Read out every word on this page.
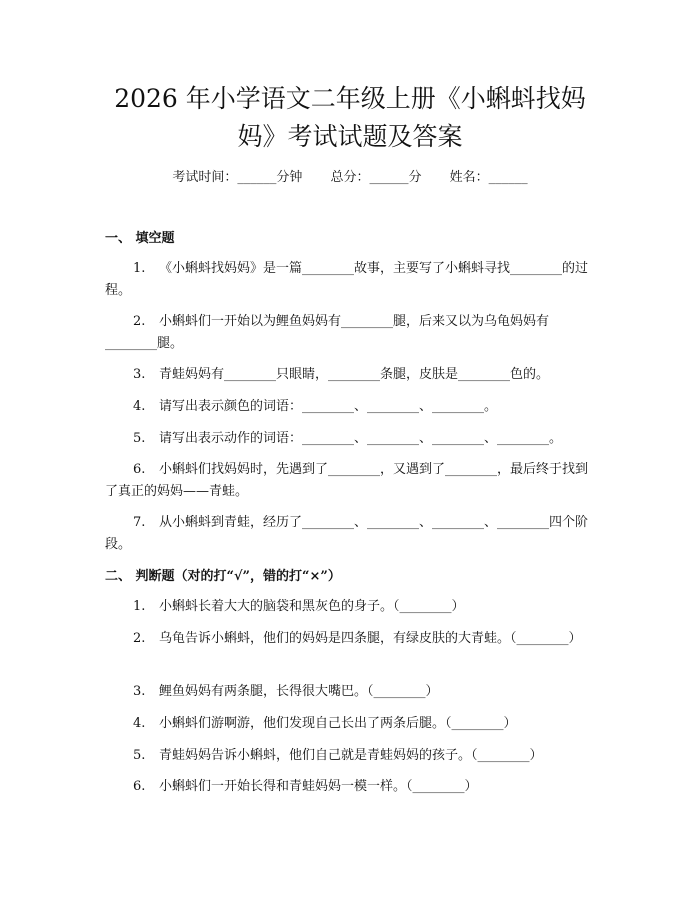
2026 年小学语文二年级上册《小蝌蚪找妈
妈》考试试题及答案
考试时间：______分钟 总分：______分 姓名：______
一、 填空题
1. 《小蝌蚪找妈妈》是一篇________故事，主要写了小蝌蚪寻找________的过程。
2. 小蝌蚪们一开始以为鲤鱼妈妈有________腿，后来又以为乌龟妈妈有________腿。
3. 青蛙妈妈有________只眼睛，________条腿，皮肤是________色的。
4. 请写出表示颜色的词语：________、________、________。
5. 请写出表示动作的词语：________、________、________、________。
6. 小蝌蚪们找妈妈时，先遇到了________，又遇到了________，最后终于找到了真正的妈妈——青蛙。
7. 从小蝌蚪到青蛙，经历了________、________、________、________四个阶段。
二、 判断题（对的打“√”，错的打“×”）
1. 小蝌蚪长着大大的脑袋和黑灰色的身子。（________）
2. 乌龟告诉小蝌蚪，他们的妈妈是四条腿，有绿皮肤的大青蛙。（________）
3. 鲤鱼妈妈有两条腿，长得很大嘴巴。（________）
4. 小蝌蚪们游啊游，他们发现自己长出了两条后腿。（________）
5. 青蛙妈妈告诉小蝌蚪，他们自己就是青蛙妈妈的孩子。（________）
6. 小蝌蚪们一开始长得和青蛙妈妈一模一样。（________）
